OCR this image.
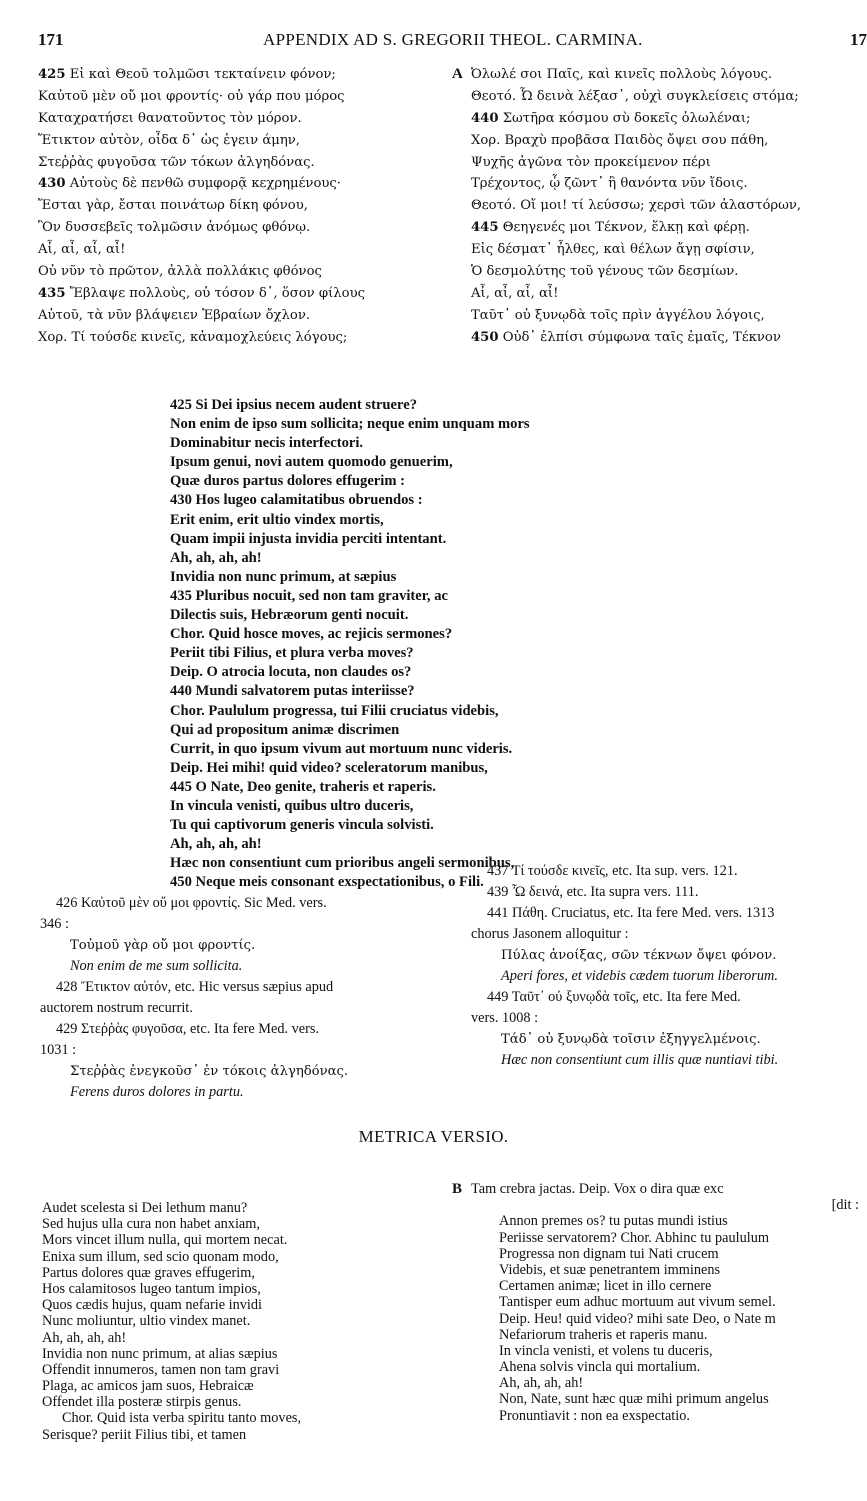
171	APPENDIX AD S. GREGORII THEOL. CARMINA.	17
425 Εἰ καὶ Θεοῦ τολμῶσι τεκταίνειν φόνον;
Καὐτοῦ μὲν οὔ μοι φροντίς· οὐ γάρ που μόρος
Καταχρατήσει θανατοῦντος τὸν μόρον.
Ἔτικτον αὐτὸν, οἶδα δ᾽ ὡς ἐγειν άμην,
Στεῤῥὰς φυγοῦσα τῶν τόκων ἀλγηδόνας.
430 Αὐτοὺς δὲ πενθῶ συμφορᾷ κεχρημένους·
Ἔσται γὰρ, ἔσται ποινάτωρ δίκη φόνου,
Ὃν δυσσεβεῖς τολμῶσιν ἀνόμως φθόνῳ.
Αἶ, αἶ, αἶ, αἶ!
Οὐ νῦν τὸ πρῶτον, ἀλλὰ πολλάκις φθόνος
435 Ἔβλαψε πολλοὺς, οὐ τόσον δ᾽, ὅσον φίλους
Αὐτοῦ, τὰ νῦν βλάψειεν Ἑβραίων ὄχλον.
Χορ. Τί τούσδε κινεῖς, κἀναμοχλεύεις λόγους;
A Ὀλωλέ σοι Παῖς, καὶ κινεῖς πολλοὺς λόγους.
Θεοτό. Ὦ δεινὰ λέξασ᾽, οὐχὶ συγκλείσεις στόμα;
440 Σωτῆρα κόσμου σὺ δοκεῖς ὀλωλέναι;
Χορ. Βραχὺ προβᾶσα Παιδὸς ὄψει σου πάθη,
Ψυχῆς ἀγῶνα τὸν προκείμενον πέρι
Τρέχοντος, ᾧ ζῶντ᾽ ἢ θανόντα νῦν ἴδοις.
Θεοτό. Οἴ μοι! τί λεύσσω; χερσὶ τῶν ἀλαστόρων,
445 Θεηγενές μοι Τέκνον, ἕλκῃ καὶ φέρῃ.
Εἰς δέσματ᾽ ἦλθες, καὶ θέλων ἄγῃ σφίσιν,
Ὁ δεσμολύτης τοῦ γένους τῶν δεσμίων.
Αἶ, αἶ, αἶ, αἶ!
Ταῦτ᾽ οὐ ξυνῳδὰ τοῖς πρὶν ἀγγέλου λόγοις,
450 Οὐδ᾽ ἐλπίσι σύμφωνα ταῖς ἐμαῖς, Τέκνον
425 Si Dei ipsius necem audent struere?
Non enim de ipso sum sollicita; neque enim unquam mors
Dominabitur necis interfectori.
Ipsum genui, novi autem quomodo genuerim,
Quæ duros partus dolores effugerim :
430 Hos lugeo calamitatibus obruendos :
Erit enim, erit ultio vindex mortis,
Quam impii injusta invidia perciti intentant.
Ah, ah, ah, ah!
Invidia non nunc primum, at sæpius
435 Pluribus nocuit, sed non tam graviter, ac
Dilectis suis, Hebræorum genti nocuit.
Chor. Quid hosce moves, ac rejicis sermones?
Periit tibi Filius, et plura verba moves?
Deip. O atrocia locuta, non claudes os?
440 Mundi salvatorem putas interiisse?
Chor. Paululum progressa, tui Filii cruciatus videbis,
Qui ad propositum animæ discrimen
Currit, in quo ipsum vivum aut mortuum nunc videris.
Deip. Hei mihi! quid video? sceleratorum manibus,
445 O Nate, Deo genite, traheris et raperis.
In vincula venisti, quibus ultro duceris,
Tu qui captivorum generis vincula solvisti.
Ah, ah, ah, ah!
Hæc non consentiunt cum prioribus angeli sermonibus,
450 Neque meis consonant exspectationibus, o Fili.
426 Καὐτοῦ μὲν οὔ μοι φροντίς. Sic Med. vers.
346 :
Τοὐμοῦ γὰρ οὔ μοι φροντίς.
Non enim de me sum sollicita.
428 Ἔτικτον αὐτόν, etc. Hic versus sæpius apud
auctorem nostrum recurrit.
429 Στεῤῥὰς φυγοῦσα, etc. Ita fere Med. vers.
1031 :
Στεῤῥὰς ἐνεγκοῦσ᾽ ἐν τόκοις ἀλγηδόνας.
Ferens duros dolores in partu.
437 Τί τούσδε κινεῖς, etc. Ita sup. vers. 121.
439 Ὦ δεινά, etc. Ita supra vers. 111.
441 Πάθη. Cruciatus, etc. Ita fere Med. vers. 1313
chorus Jasonem alloquitur :
Πύλας ἀνοίξας, σῶν τέκνων ὄψει φόνον.
Aperi fores, et videbis cædem tuorum liberorum.
449 Ταῦτ᾽ οὐ ξυνῳδὰ τοῖς, etc. Ita fere Med.
vers. 1008 :
Τάδ᾽ οὐ ξυνῳδὰ τοῖσιν ἐξηγγελμένοις.
Hæc non consentiunt cum illis quæ nuntiavi tibi.
METRICA VERSIO.
Audet scelesta si Dei lethum manu?
Sed hujus ulla cura non habet anxiam,
Mors vincet illum nulla, qui mortem necat.
Enixa sum illum, sed scio quonam modo,
Partus dolores quæ graves effugerim,
Hos calamitosos lugeo tantum impios,
Quos cædis hujus, quam nefarie invidi
Nunc moliuntur, ultio vindex manet.
Ah, ah, ah, ah!
Invidia non nunc primum, at alias sæpius
Offendit innumeros, tamen non tam gravi
Plaga, ac amicos jam suos, Hebraicæ
Offendet illa posteræ stirpis genus.
Chor. Quid ista verba spiritu tanto moves,
Serisque? periit Filius tibi, et tamen
B Tam crebra jactas. Deip. Vox o dira quæ exc
[dit :
Annon premes os? tu putas mundi istius
Periisse servatorem? Chor. Abhinc tu paululum
Progressa non dignam tui Nati crucem
Videbis, et suæ penetrantem imminens
Certamen animæ; licet in illo cernere
Tantisper eum adhuc mortuum aut vivum semel.
Deip. Heu! quid video? mihi sate Deo, o Nate m
Nefariorum traheris et raperis manu.
In vincla venisti, et volens tu duceris,
Ahena solvis vincla qui mortalium.
Ah, ah, ah, ah!
Non, Nate, sunt hæc quæ mihi primum angelus
Pronuntiavit : non ea exspectatio.
